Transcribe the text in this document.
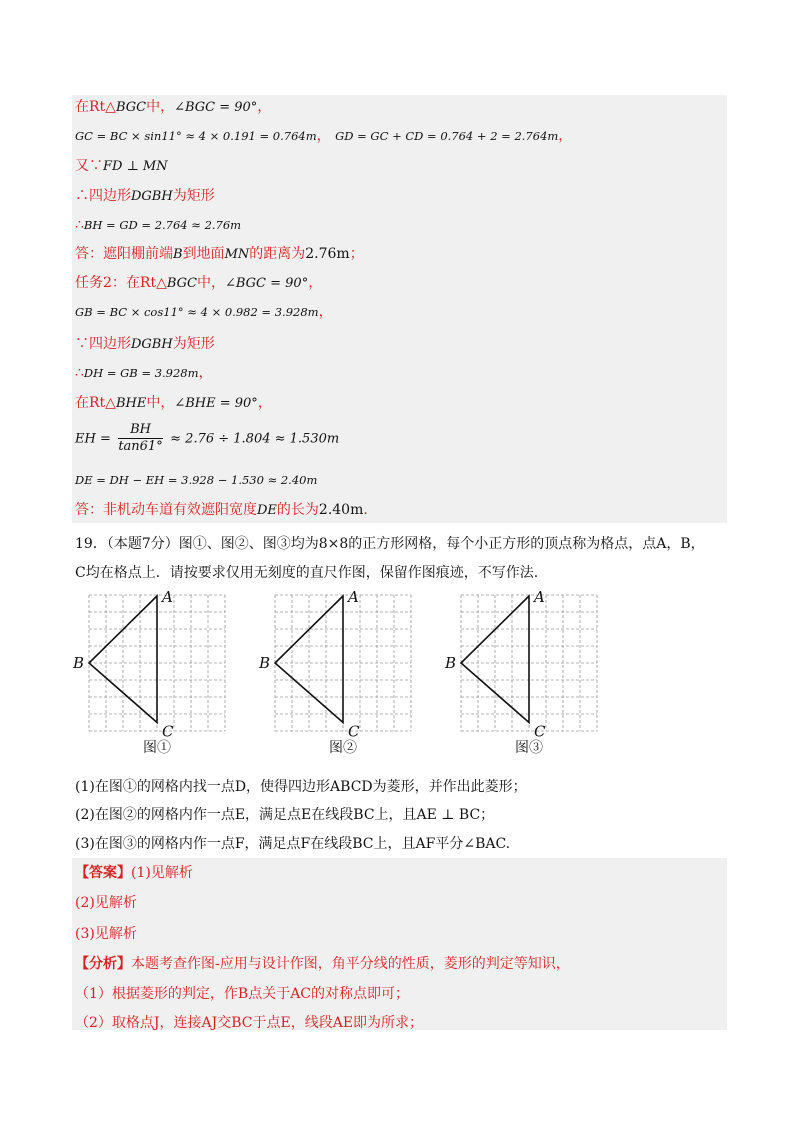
在Rt△BGC中，∠BGC = 90°，
GC = BC × sin11° ≈ 4 × 0.191 = 0.764m， GD = GC + CD = 0.764 + 2 = 2.764m，
又∵FD ⊥ MN
∴四边形DGBH为矩形
∴BH = GD = 2.764 ≈ 2.76m
答：遮阳棚前端B到地面MN的距离为2.76m；
任务2：在Rt△BGC中，∠BGC = 90°，
GB = BC × cos11° ≈ 4 × 0.982 = 3.928m，
∵四边形DGBH为矩形
∴DH = GB = 3.928m，
在Rt△BHE中，∠BHE = 90°，
EH = $\frac{BH}{\tan 61^\circ} \approx 2.76 \div 1.804 \approx 1.530m$
DE = DH − EH = 3.928 − 1.530 ≈ 2.40m
答：非机动车道有效遮阳宽度DE的长为2.40m.
19．（本题7分）图①、图②、图③均为8×8的正方形网格，每个小正方形的顶点称为格点，点A，B，
C均在格点上．请按要求仅用无刻度的直尺作图，保留作图痕迹，不写作法.
A
B
C
A
B
C
A
B
C
图①	图②	图③
(1)在图①的网格内找一点D，使得四边形ABCD为菱形，并作出此菱形；
(2)在图②的网格内作一点E，满足点E在线段BC上，且AE ⊥ BC；
(3)在图③的网格内作一点F，满足点F在线段BC上，且AF平分∠BAC.
【答案】(1)见解析
(2)见解析
(3)见解析
【分析】本题考查作图-应用与设计作图，角平分线的性质，菱形的判定等知识，
（1）根据菱形的判定，作B点关于AC的对称点即可；
（2）取格点J，连接AJ交BC于点E，线段AE即为所求；
